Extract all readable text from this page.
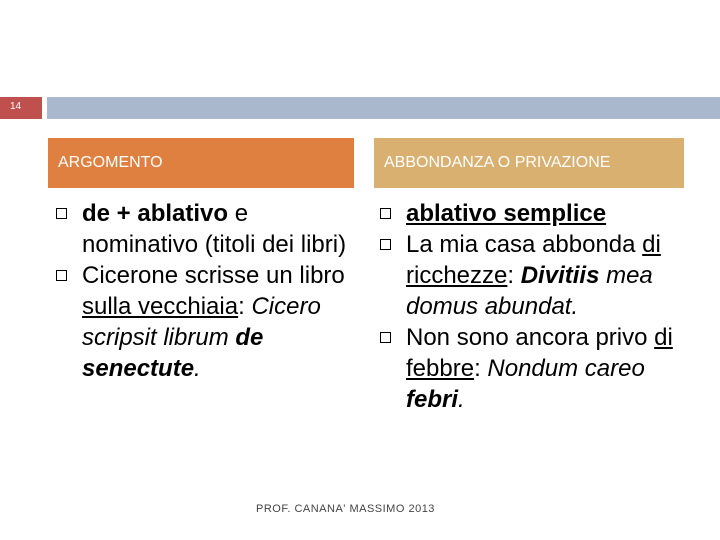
14
ARGOMENTO	ABBONDANZA O PRIVAZIONE
de + ablativo e nominativo (titoli dei libri)
Cicerone scrisse un libro sulla vecchiaia: Cicero scripsit librum de senectute.
ablativo semplice
La mia casa abbonda di ricchezze: Divitiis mea domus abundat.
Non sono ancora privo di febbre: Nondum careo febri.
PROF. CANANA' MASSIMO 2013
